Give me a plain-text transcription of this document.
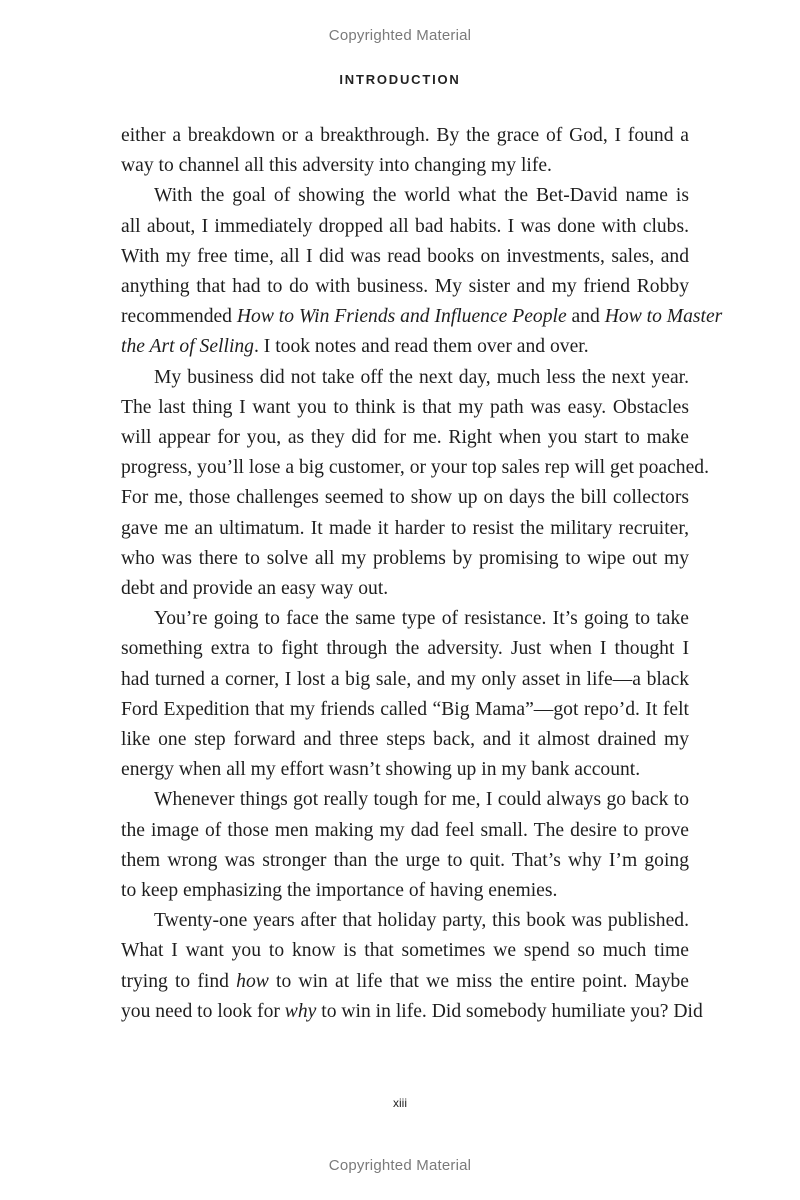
Copyrighted Material
INTRODUCTION

either a breakdown or a breakthrough. By the grace of God, I found a

way to channel all this adversity into changing my life.

With the goal of showing the world what the Bet-David name is

all about, I immediately dropped all bad habits. I was done with clubs.

With my free time, all I did was read books on investments, sales, and

anything that had to do with business. My sister and my friend Robby

recommended How to Win Friends and Influence People and How to Master

the Art of Selling. I took notes and read them over and over.

My business did not take off the next day, much less the next year.

The last thing I want you to think is that my path was easy. Obstacles

will appear for you, as they did for me. Right when you start to make

progress, you’ll lose a big customer, or your top sales rep will get poached.

For me, those challenges seemed to show up on days the bill collectors

gave me an ultimatum. It made it harder to resist the military recruiter,

who was there to solve all my problems by promising to wipe out my

debt and provide an easy way out.

You’re going to face the same type of resistance. It’s going to take

something extra to fight through the adversity. Just when I thought I

had turned a corner, I lost a big sale, and my only asset in life—a black

Ford Expedition that my friends called “Big Mama”—got repo’d. It felt

like one step forward and three steps back, and it almost drained my

energy when all my effort wasn’t showing up in my bank account.

Whenever things got really tough for me, I could always go back to

the image of those men making my dad feel small. The desire to prove

them wrong was stronger than the urge to quit. That’s why I’m going

to keep emphasizing the importance of having enemies.

Twenty-one years after that holiday party, this book was published.

What I want you to know is that sometimes we spend so much time

trying to find how to win at life that we miss the entire point. Maybe

you need to look for why to win in life. Did somebody humiliate you? Did

xiii
Copyrighted Material
